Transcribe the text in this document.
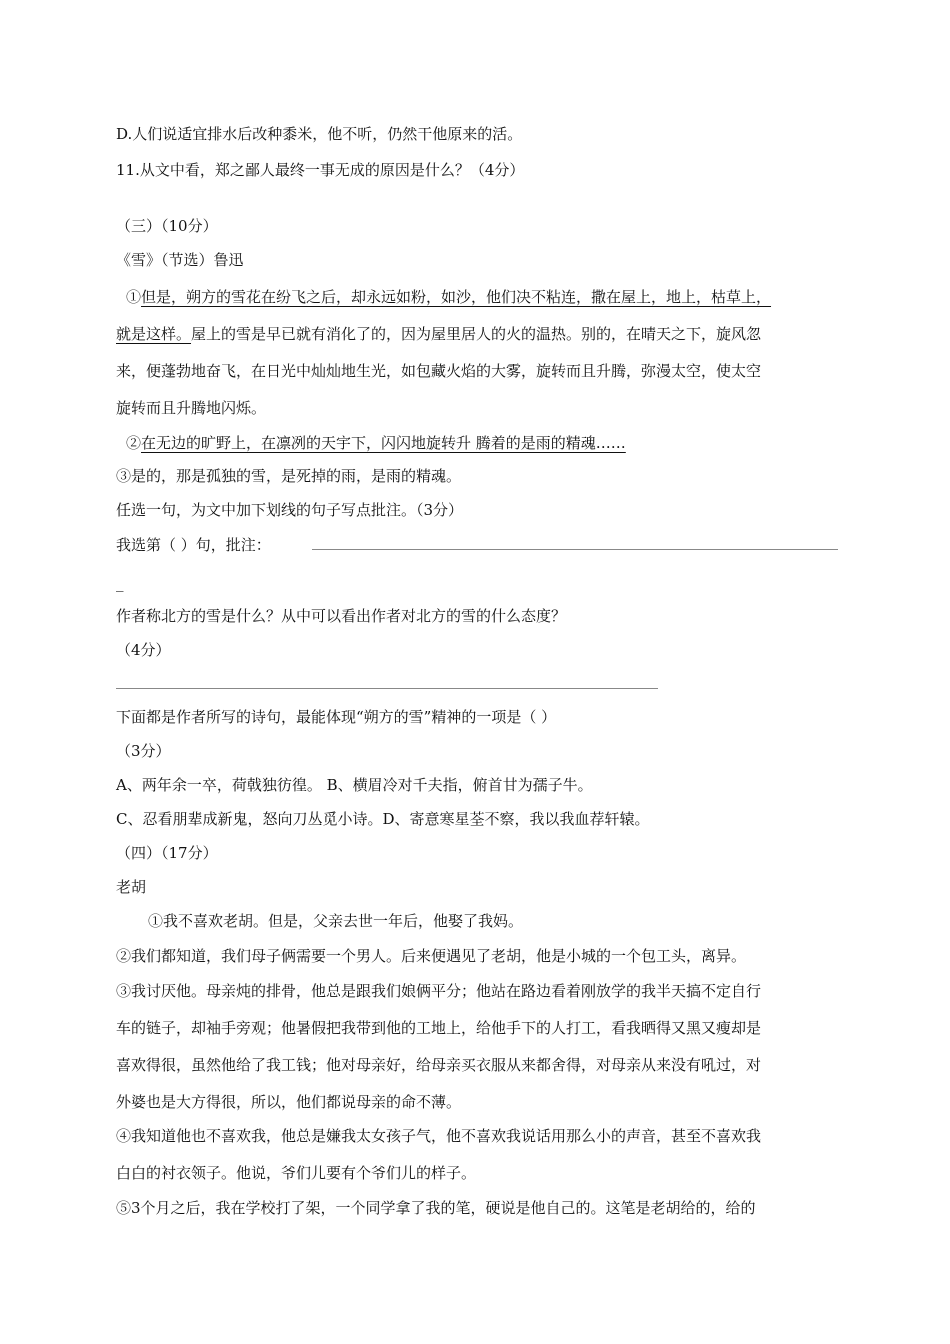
D.人们说适宜排水后改种黍米，他不听，仍然干他原来的活。
11.从文中看，郑之鄙人最终一事无成的原因是什么？（4分）
（三）（10分）
《雪》（节选）鲁迅
①但是，朔方的雪花在纷飞之后，却永远如粉，如沙，他们决不粘连，撒在屋上，地上，枯草上，
就是这样。屋上的雪是早已就有消化了的，因为屋里居人的火的温热。别的，在晴天之下，旋风忽
来，便蓬勃地奋飞，在日光中灿灿地生光，如包藏火焰的大雾，旋转而且升腾，弥漫太空，使太空
旋转而且升腾地闪烁。
②在无边的旷野上，在凛冽的天宇下，闪闪地旋转升 腾着的是雨的精魂……
③是的，那是孤独的雪，是死掉的雨，是雨的精魂。
任选一句，为文中加下划线的句子写点批注。（3分）
我选第（ ）句，批注：
_
作者称北方的雪是什么？从中可以看出作者对北方的雪的什么态度？
（4分）
下面都是作者所写的诗句，最能体现“朔方的雪”精神的一项是（ ）
（3分）
A、两年余一卒，荷戟独彷徨。 B、横眉冷对千夫指，俯首甘为孺子牛。
C、忍看朋辈成新鬼，怒向刀丛觅小诗。D、寄意寒星荃不察，我以我血荐轩辕。
（四）（17分）
老胡
①我不喜欢老胡。但是，父亲去世一年后，他娶了我妈。
②我们都知道，我们母子俩需要一个男人。后来便遇见了老胡，他是小城的一个包工头，离异。
③我讨厌他。母亲炖的排骨，他总是跟我们娘俩平分；他站在路边看着刚放学的我半天搞不定自行
车的链子，却袖手旁观；他暑假把我带到他的工地上，给他手下的人打工，看我晒得又黑又瘦却是
喜欢得很，虽然他给了我工钱；他对母亲好，给母亲买衣服从来都舍得，对母亲从来没有吼过，对
外婆也是大方得很，所以，他们都说母亲的命不薄。
④我知道他也不喜欢我，他总是嫌我太女孩子气，他不喜欢我说话用那么小的声音，甚至不喜欢我
白白的衬衣领子。他说，爷们儿要有个爷们儿的样子。
⑤3个月之后，我在学校打了架，一个同学拿了我的笔，硬说是他自己的。这笔是老胡给的，给的
